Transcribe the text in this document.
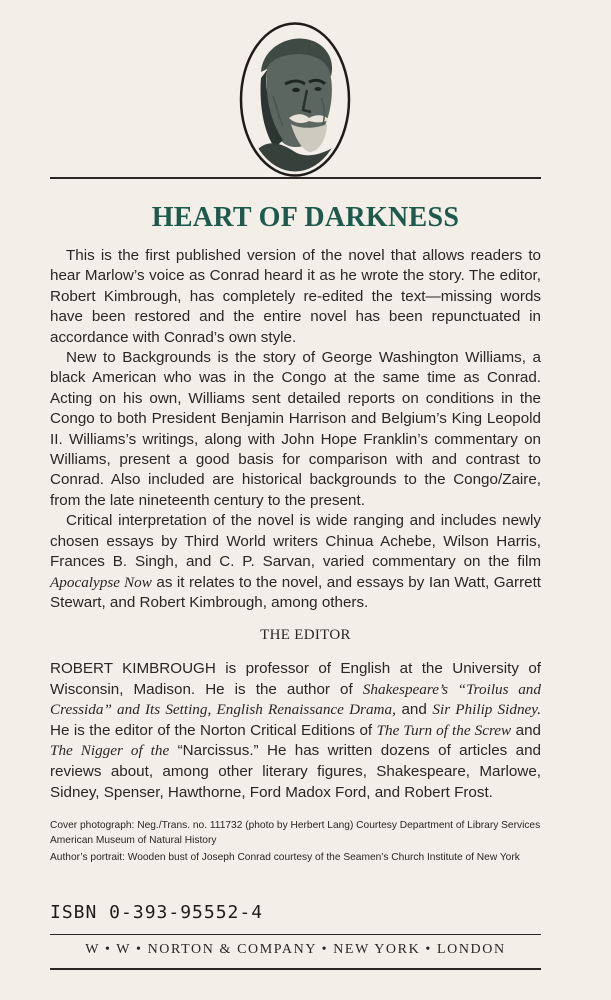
HEART OF DARKNESS

This is the first published version of the novel that allows readers to hear Marlow’s voice as Conrad heard it as he wrote the story. The editor, Robert Kimbrough, has completely re-edited the text—missing words have been restored and the entire novel has been repunctuated in accordance with Conrad’s own style.

New to Backgrounds is the story of George Washington Williams, a black American who was in the Congo at the same time as Conrad. Acting on his own, Williams sent detailed reports on conditions in the Congo to both President Benjamin Harrison and Belgium’s King Leopold II. Williams’s writings, along with John Hope Franklin’s commentary on Williams, present a good basis for comparison with and contrast to Conrad. Also included are historical backgrounds to the Congo/Zaire, from the late nineteenth century to the present.

Critical interpretation of the novel is wide ranging and includes newly chosen essays by Third World writers Chinua Achebe, Wilson Harris, Frances B. Singh, and C. P. Sarvan, varied commentary on the film Apocalypse Now as it relates to the novel, and essays by Ian Watt, Garrett Stewart, and Robert Kimbrough, among others.

THE EDITOR

ROBERT KIMBROUGH is professor of English at the University of Wisconsin, Madison. He is the author of Shakespeare’s “Troilus and Cressida” and Its Setting, English Renaissance Drama, and Sir Philip Sidney. He is the editor of the Norton Critical Editions of The Turn of the Screw and The Nigger of the “Narcissus.” He has written dozens of articles and reviews about, among other literary figures, Shakespeare, Marlowe, Sidney, Spenser, Hawthorne, Ford Madox Ford, and Robert Frost.

Cover photograph: Neg./Trans. no. 111732 (photo by Herbert Lang) Courtesy Department of Library Services American Museum of Natural History

Author’s portrait: Wooden bust of Joseph Conrad courtesy of the Seamen’s Church Institute of New York

ISBN 0-393-95552-4
W • W • NORTON & COMPANY • NEW YORK • LONDON
